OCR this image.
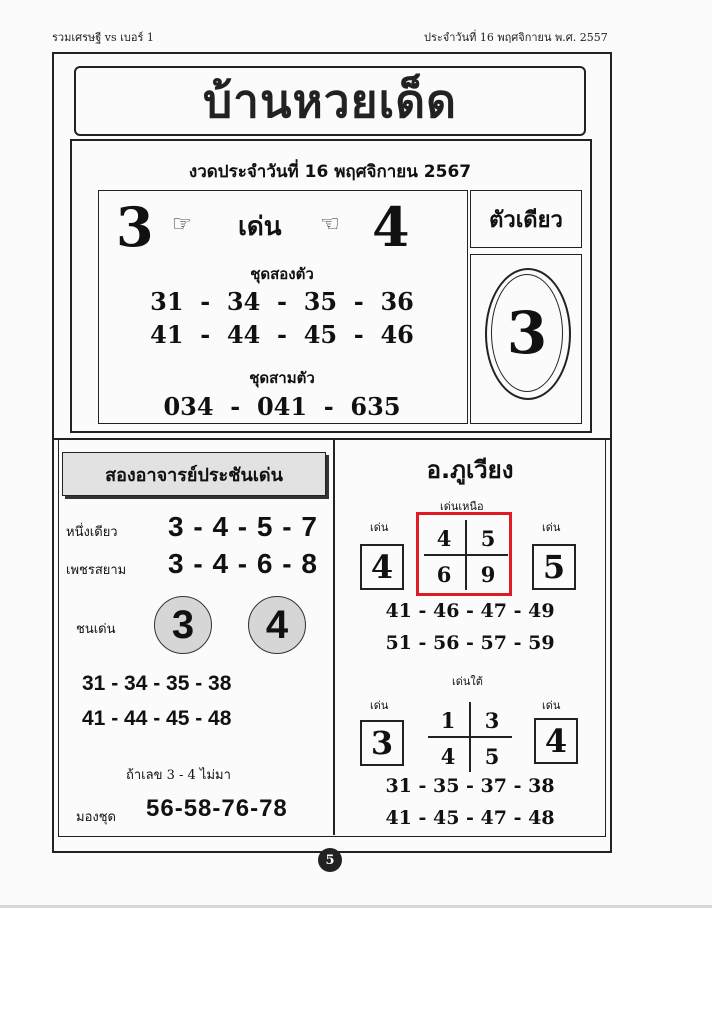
รวมเศรษฐี vs เบอร์ 1	ประจำวันที่ 16 พฤศจิกายน พ.ศ. 2557
บ้านหวยเด็ด
งวดประจำวันที่ 16 พฤศจิกายน 2567
3 ☞ เด่น ☞ 4
ชุดสองตัว
31  -  34  -  35  -  36
41  -  44  -  45  -  46
ชุดสามตัว
034  -  041  -  635
ตัวเดียว
3
สองอาจารย์ประชันเด่น
หนึ่งเดียว 3 - 4 - 5 - 7
เพชรสยาม 3 - 4 - 6 - 8
ชนเด่น	3	4
31 - 34 - 35 - 38
41 - 44 - 45 - 48
ถ้าเลข 3 - 4 ไม่มา
มองชุด 56-58-76-78
อ.ภูเวียง
เด่นเหนือ
เด่น	เด่น
4	5
4	5
6	9
41 - 46 - 47 - 49
51 - 56 - 57 - 59
เด่นใต้
เด่น	เด่น
3	4
1	3
4	5
31 - 35 - 37 - 38
41 - 45 - 47 - 48
5
